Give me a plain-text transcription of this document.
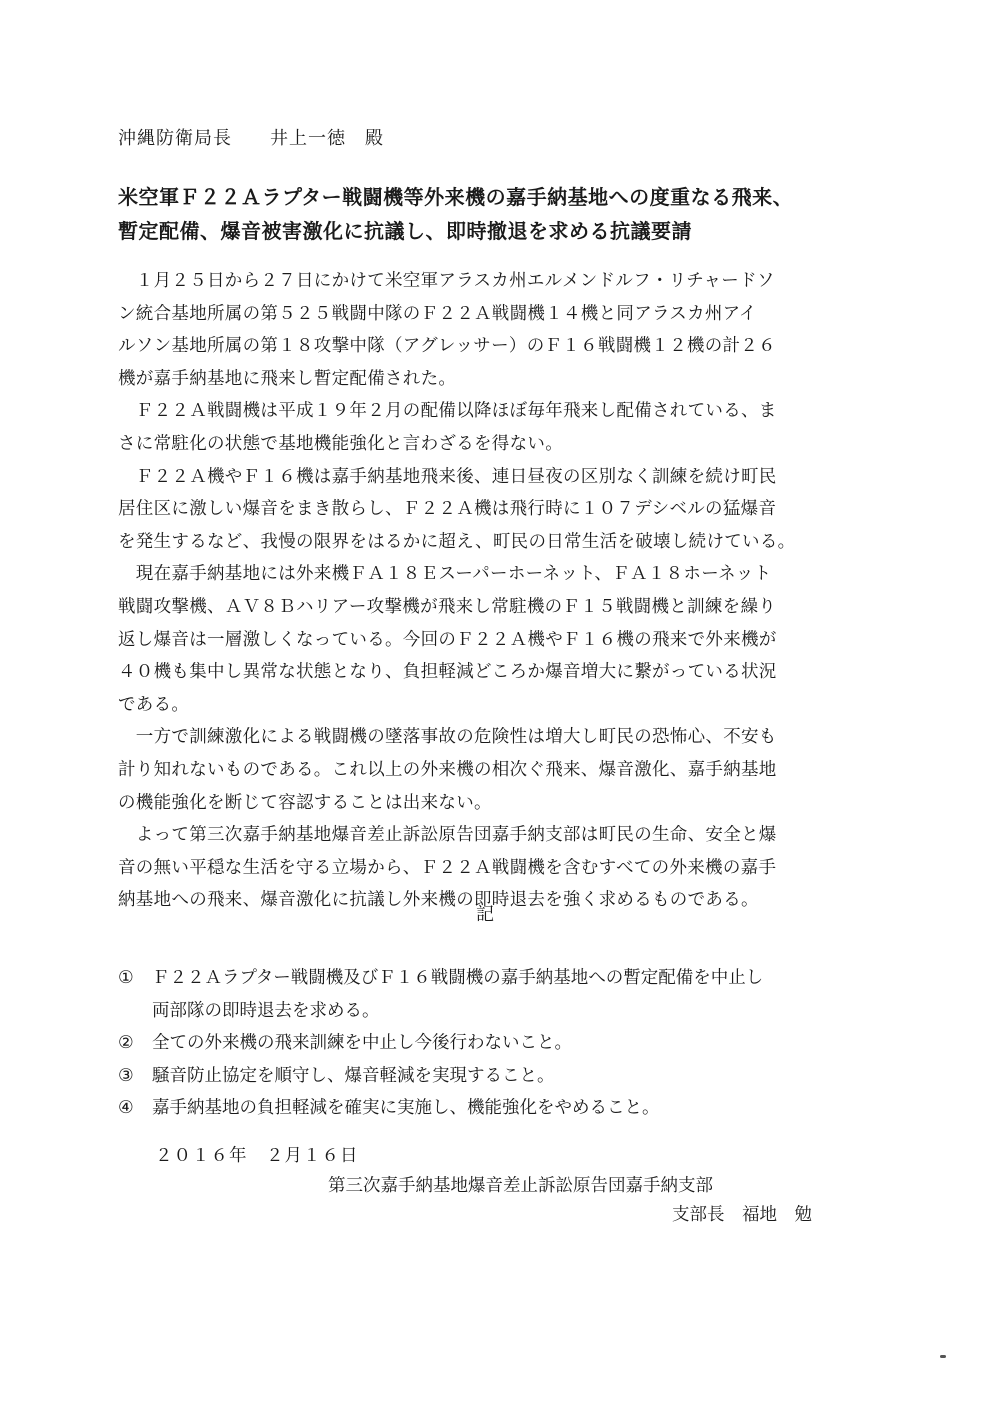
沖縄防衛局長　　井上一徳　殿
米空軍Ｆ２２Ａラプター戦闘機等外来機の嘉手納基地への度重なる飛来、
暫定配備、爆音被害激化に抗議し、即時撤退を求める抗議要請
　１月２５日から２７日にかけて米空軍アラスカ州エルメンドルフ・リチャードソ
ン統合基地所属の第５２５戦闘中隊のＦ２２Ａ戦闘機１４機と同アラスカ州アイ
ルソン基地所属の第１８攻撃中隊（アグレッサー）のＦ１６戦闘機１２機の計２６
機が嘉手納基地に飛来し暫定配備された。
　Ｆ２２Ａ戦闘機は平成１９年２月の配備以降ほぼ毎年飛来し配備されている、ま
さに常駐化の状態で基地機能強化と言わざるを得ない。
　Ｆ２２Ａ機やＦ１６機は嘉手納基地飛来後、連日昼夜の区別なく訓練を続け町民
居住区に激しい爆音をまき散らし、Ｆ２２Ａ機は飛行時に１０７デシベルの猛爆音
を発生するなど、我慢の限界をはるかに超え、町民の日常生活を破壊し続けている。
　現在嘉手納基地には外来機ＦＡ１８Ｅスーパーホーネット、ＦＡ１８ホーネット
戦闘攻撃機、ＡＶ８Ｂハリアー攻撃機が飛来し常駐機のＦ１５戦闘機と訓練を繰り
返し爆音は一層激しくなっている。今回のＦ２２Ａ機やＦ１６機の飛来で外来機が
４０機も集中し異常な状態となり、負担軽減どころか爆音増大に繋がっている状況
である。
　一方で訓練激化による戦闘機の墜落事故の危険性は増大し町民の恐怖心、不安も
計り知れないものである。これ以上の外来機の相次ぐ飛来、爆音激化、嘉手納基地
の機能強化を断じて容認することは出来ない。
　よって第三次嘉手納基地爆音差止訴訟原告団嘉手納支部は町民の生命、安全と爆
音の無い平穏な生活を守る立場から、Ｆ２２Ａ戦闘機を含むすべての外来機の嘉手
納基地への飛来、爆音激化に抗議し外来機の即時退去を強く求めるものである。
記
①	Ｆ２２Ａラプター戦闘機及びＦ１６戦闘機の嘉手納基地への暫定配備を中止し
両部隊の即時退去を求める。
②	全ての外来機の飛来訓練を中止し今後行わないこと。
③	騒音防止協定を順守し、爆音軽減を実現すること。
④	嘉手納基地の負担軽減を確実に実施し、機能強化をやめること。
２０１６年　２月１６日
第三次嘉手納基地爆音差止訴訟原告団嘉手納支部
支部長　福地　勉
